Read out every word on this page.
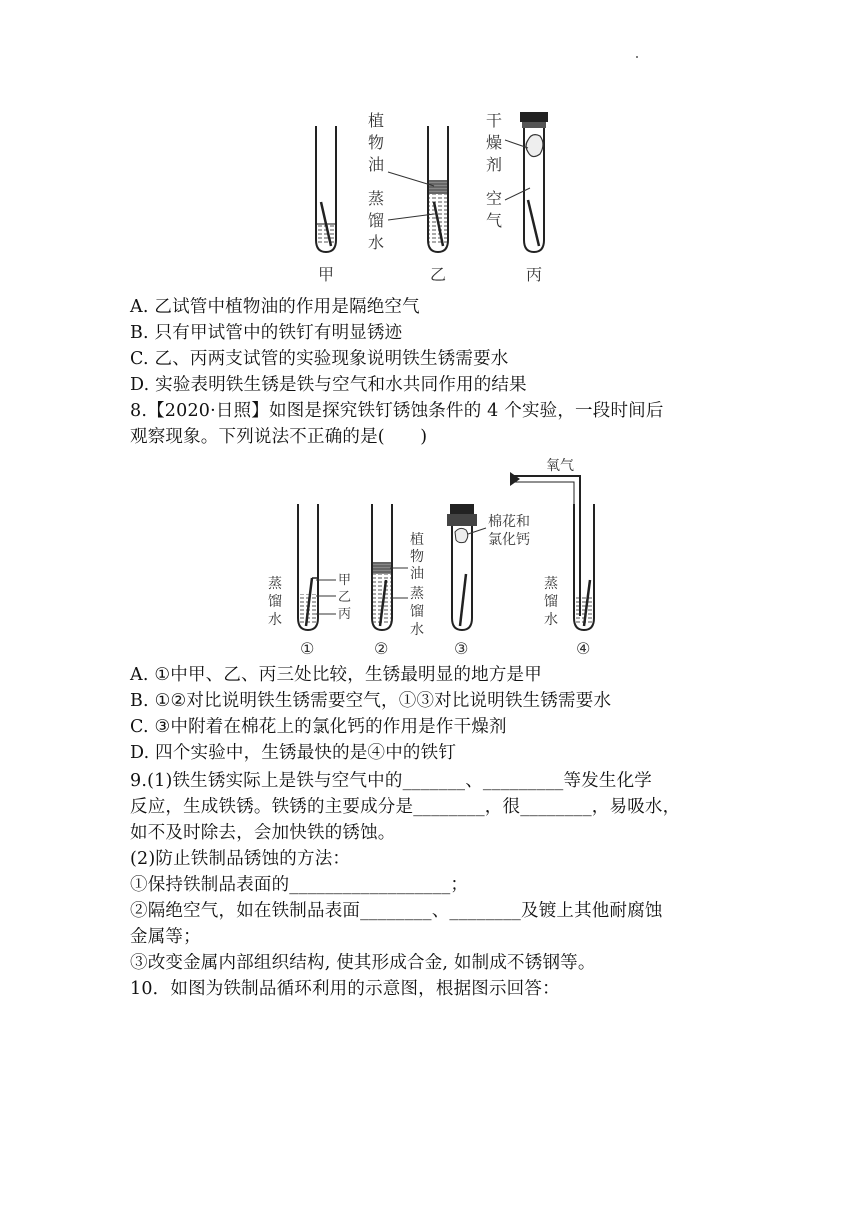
植
物
油
蒸
馏
水
干
燥
剂
空
气
甲	乙	丙
A. 乙试管中植物油的作用是隔绝空气
B. 只有甲试管中的铁钉有明显锈迹
C. 乙、丙两支试管的实验现象说明铁生锈需要水
D. 实验表明铁生锈是铁与空气和水共同作用的结果
8.【2020·日照】如图是探究铁钉锈蚀条件的 4 个实验，一段时间后
观察现象。下列说法不正确的是(　　)
氧气
蒸
馏
水
甲
乙
丙
植
物
油
蒸
馏
水
棉花和
氯化钙
蒸
馏
水
①	②	③	④
A. ①中甲、乙、丙三处比较，生锈最明显的地方是甲
B. ①②对比说明铁生锈需要空气，①③对比说明铁生锈需要水
C. ③中附着在棉花上的氯化钙的作用是作干燥剂
D. 四个实验中，生锈最快的是④中的铁钉
9.(1)铁生锈实际上是铁与空气中的_______、_________等发生化学
反应，生成铁锈。铁锈的主要成分是________，很________，易吸水，
如不及时除去，会加快铁的锈蚀。
(2)防止铁制品锈蚀的方法：
①保持铁制品表面的__________________；
②隔绝空气，如在铁制品表面________、________及镀上其他耐腐蚀
金属等；
③改变金属内部组织结构, 使其形成合金, 如制成不锈钢等。
10．如图为铁制品循环利用的示意图，根据图示回答：
